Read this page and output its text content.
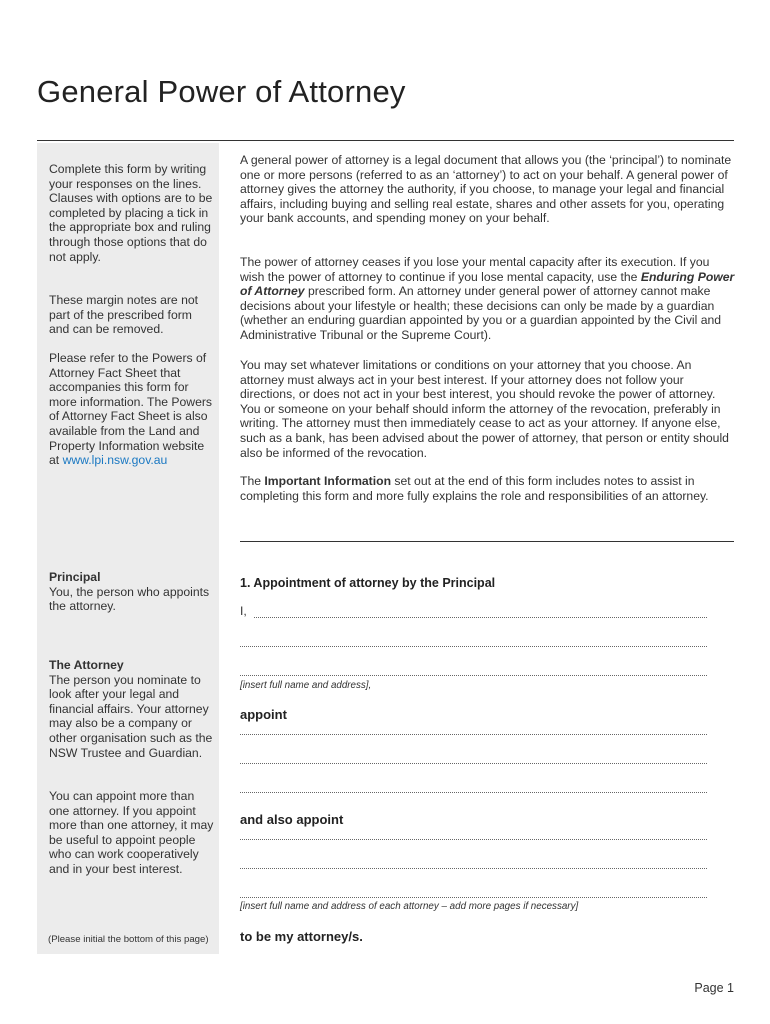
General Power of Attorney

Complete this form by writing your responses on the lines. Clauses with options are to be completed by placing a tick in the appropriate box and ruling through those options that do not apply.

These margin notes are not part of the prescribed form and can be removed.

Please refer to the Powers of Attorney Fact Sheet that accompanies this form for more information. The Powers of Attorney Fact Sheet is also available from the Land and Property Information website at www.lpi.nsw.gov.au

Principal

You, the person who appoints the attorney.

The Attorney

The person you nominate to look after your legal and financial affairs. Your attorney may also be a company or other organisation such as the NSW Trustee and Guardian.

You can appoint more than one attorney. If you appoint more than one attorney, it may be useful to appoint people who can work cooperatively and in your best interest.

(Please initial the bottom of this page)

A general power of attorney is a legal document that allows you (the ‘principal’) to nominate one or more persons (referred to as an ‘attorney’) to act on your behalf. A general power of attorney gives the attorney the authority, if you choose, to manage your legal and financial affairs, including buying and selling real estate, shares and other assets for you, operating your bank accounts, and spending money on your behalf.

The power of attorney ceases if you lose your mental capacity after its execution. If you wish the power of attorney to continue if you lose mental capacity, use the Enduring Power of Attorney prescribed form. An attorney under general power of attorney cannot make decisions about your lifestyle or health; these decisions can only be made by a guardian (whether an enduring guardian appointed by you or a guardian appointed by the Civil and Administrative Tribunal or the Supreme Court).

You may set whatever limitations or conditions on your attorney that you choose. An attorney must always act in your best interest. If your attorney does not follow your directions, or does not act in your best interest, you should revoke the power of attorney. You or someone on your behalf should inform the attorney of the revocation, preferably in writing. The attorney must then immediately cease to act as your attorney. If anyone else, such as a bank, has been advised about the power of attorney, that person or entity should also be informed of the revocation.

The Important Information set out at the end of this form includes notes to assist in completing this form and more fully explains the role and responsibilities of an attorney.

1. Appointment of attorney by the Principal
I,
[insert full name and address],
appoint
and also appoint
[insert full name and address of each attorney – add more pages if necessary]
to be my attorney/s.
Page 1
